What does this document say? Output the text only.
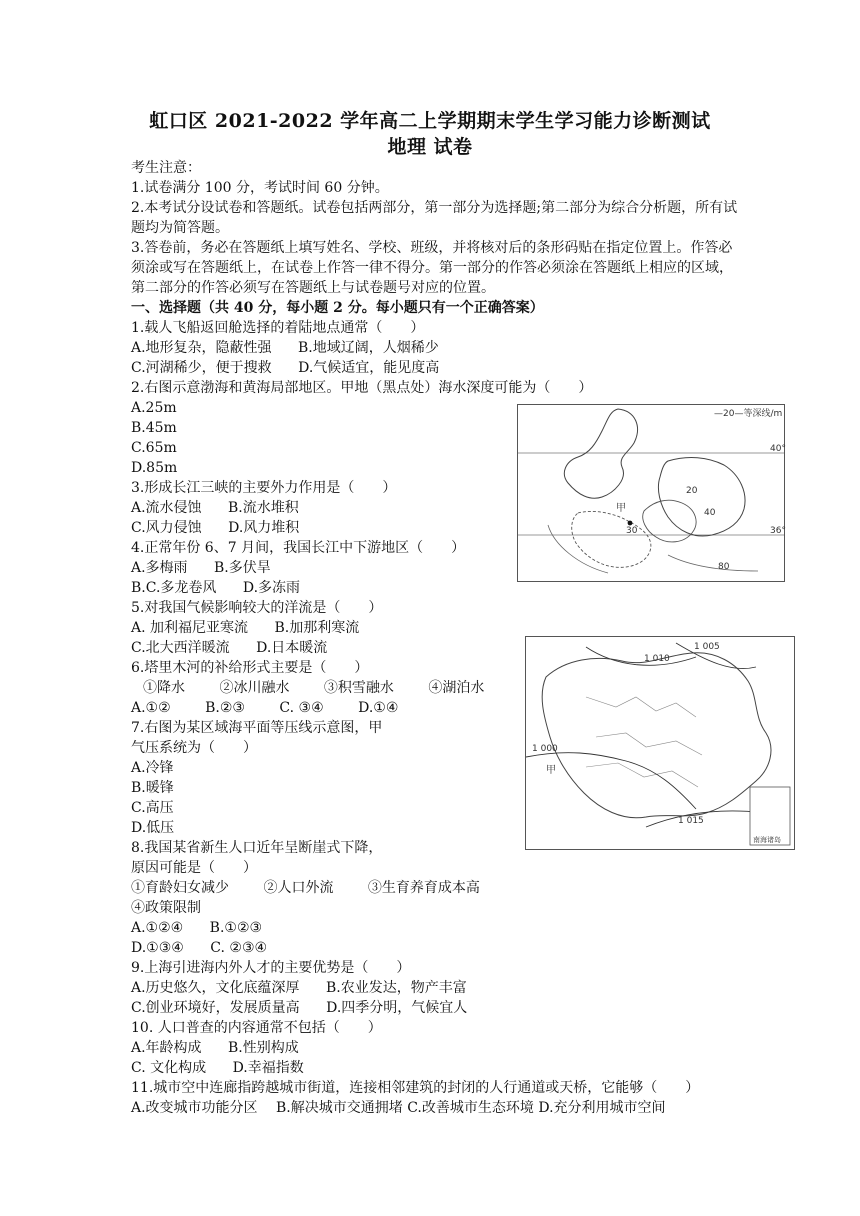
虹口区 2021-2022 学年高二上学期期末学生学习能力诊断测试
地理 试卷
考生注意：
1.试卷满分 100 分，考试时间 60 分钟。
2.本考试分设试卷和答题纸。试卷包括两部分，第一部分为选择题;第二部分为综合分析题，所有试题均为简答题。
3.答卷前，务必在答题纸上填写姓名、学校、班级，并将核对后的条形码贴在指定位置上。作答必须涂或写在答题纸上，在试卷上作答一律不得分。第一部分的作答必须涂在答题纸上相应的区域，第二部分的作答必须写在答题纸上与试卷题号对应的位置。
一、选择题（共 40 分，每小题 2 分。每小题只有一个正确答案）
1.载人飞船返回舱选择的着陆地点通常（　　）
A.地形复杂，隐蔽性强 B.地域辽阔，人烟稀少
C.河湖稀少，便于搜救 D.气候适宜，能见度高
2.右图示意渤海和黄海局部地区。甲地（黑点处）海水深度可能为（　　）
A.25m
B.45m
C.65m
D.85m
3.形成长江三峡的主要外力作用是（　　）
A.流水侵蚀 B.流水堆积
C.风力侵蚀 D.风力堆积
4.正常年份 6、7 月间，我国长江中下游地区（　　）
A.多梅雨 B.多伏旱
B.C.多龙卷风 D.多冻雨
5.对我国气候影响较大的洋流是（　　）
A. 加利福尼亚寒流 B.加那利寒流
C.北大西洋暖流 D.日本暖流
6.塔里木河的补给形式主要是（　　）
①降水 ②冰川融水 ③积雪融水 ④湖泊水
A.①② B.②③ C. ③④ D.①④
7.右图为某区域海平面等压线示意图，甲
气压系统为（　　）
A.冷锋
B.暖锋
C.高压
D.低压
8.我国某省新生人口近年呈断崖式下降，
原因可能是（　　）
①育龄妇女减少 ②人口外流 ③生育养育成本高
④政策限制
A.①②④ B.①②③
D.①③④ C. ②③④
9.上海引进海内外人才的主要优势是（　　）
A.历史悠久，文化底蕴深厚 B.农业发达，物产丰富
C.创业环境好，发展质量高 D.四季分明，气候宜人
10. 人口普查的内容通常不包括（　　）
A.年龄构成 B.性别构成
C. 文化构成 D.幸福指数
11.城市空中连廊指跨越城市街道，连接相邻建筑的封闭的人行通道或天桥，它能够（　　）
A.改变城市功能分区 B.解决城市交通拥堵 C.改善城市生态环境 D.充分利用城市空间
—20—等深线/m
40°
36°
甲
20
40
30
80
1 010
1 005
1 000
1 015
甲
南海诸岛
